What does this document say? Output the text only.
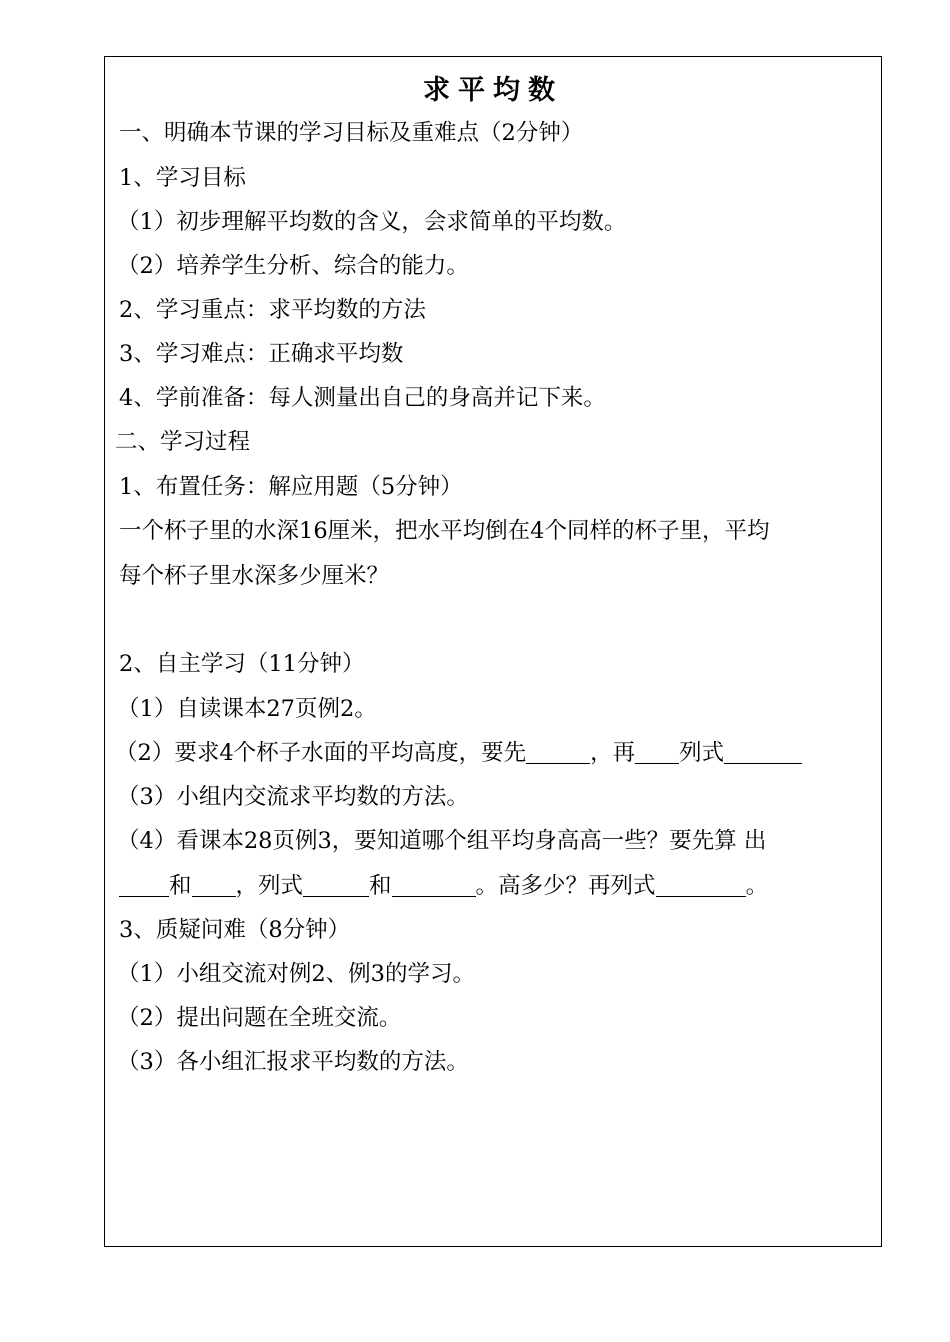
求平均数

一、明确本节课的学习目标及重难点（2分钟）

1、学习目标

（1）初步理解平均数的含义，会求简单的平均数。

（2）培养学生分析、综合的能力。

2、学习重点：求平均数的方法

3、学习难点：正确求平均数

4、学前准备：每人测量出自己的身高并记下来。

二、学习过程

1、布置任务：解应用题（5分钟）

一个杯子里的水深16厘米，把水平均倒在4个同样的杯子里，平均

每个杯子里水深多少厘米？

2、自主学习（11分钟）

（1）自读课本27页例2。

（2）要求4个杯子水面的平均高度，要先	，再 列式

（3）小组内交流求平均数的方法。

（4）看课本28页例3，要知道哪个组平均身高高一些？要先算 出

和 ，列式	和	。高多少？再列式	。

3、质疑问难（8分钟）

（1）小组交流对例2、例3的学习。

（2）提出问题在全班交流。

（3）各小组汇报求平均数的方法。
